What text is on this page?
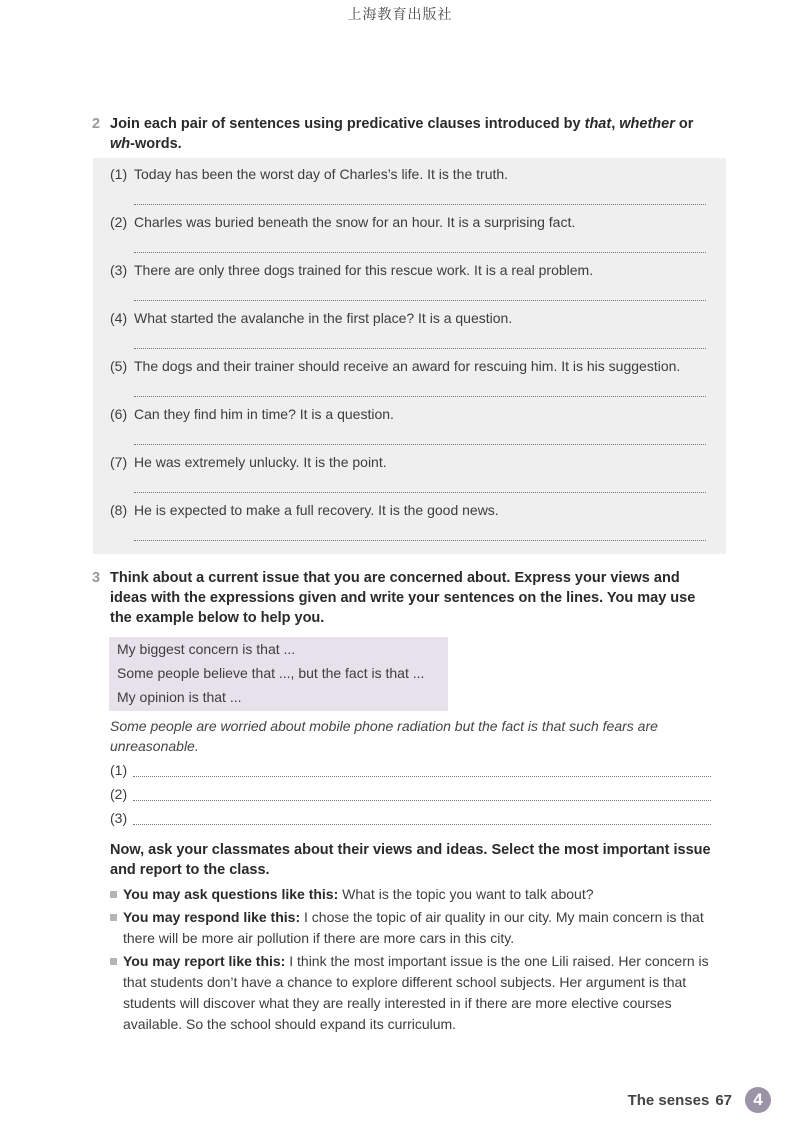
上海教育出版社
2 Join each pair of sentences using predicative clauses introduced by that, whether or wh-words.
(1) Today has been the worst day of Charles’s life. It is the truth.
(2) Charles was buried beneath the snow for an hour. It is a surprising fact.
(3) There are only three dogs trained for this rescue work. It is a real problem.
(4) What started the avalanche in the first place? It is a question.
(5) The dogs and their trainer should receive an award for rescuing him. It is his suggestion.
(6) Can they find him in time? It is a question.
(7) He was extremely unlucky. It is the point.
(8) He is expected to make a full recovery. It is the good news.
3 Think about a current issue that you are concerned about. Express your views and ideas with the expressions given and write your sentences on the lines. You may use the example below to help you.
My biggest concern is that ...
Some people believe that ..., but the fact is that ...
My opinion is that ...
Some people are worried about mobile phone radiation but the fact is that such fears are unreasonable.
(1)
(2)
(3)
Now, ask your classmates about their views and ideas. Select the most important issue and report to the class.
You may ask questions like this: What is the topic you want to talk about?
You may respond like this: I chose the topic of air quality in our city. My main concern is that there will be more air pollution if there are more cars in this city.
You may report like this: I think the most important issue is the one Lili raised. Her concern is that students don’t have a chance to explore different school subjects. Her argument is that students will discover what they are really interested in if there are more elective courses available. So the school should expand its curriculum.
The senses 67	4
